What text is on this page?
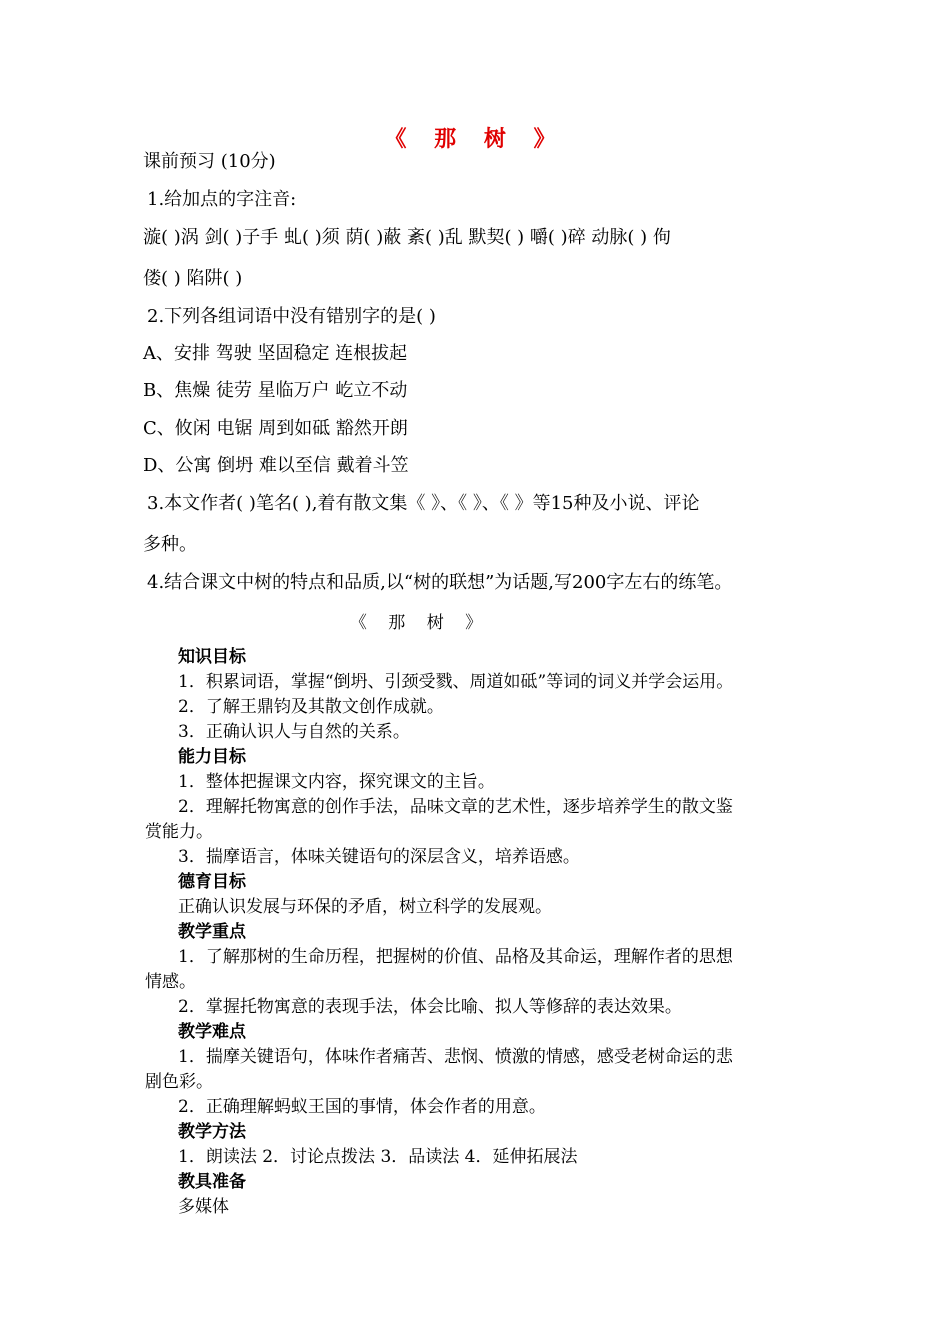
《 那 树 》
课前预习 (10分)
1.给加点的字注音:
漩( )涡 剑( )子手 虬( )须 荫( )蔽 紊( )乱 默契( ) 嚼( )碎 动脉( ) 佝
偻( ) 陷阱( )
2.下列各组词语中没有错别字的是( )
A、安排 驾驶 坚固稳定 连根拔起
B、焦燥 徒劳 星临万户 屹立不动
C、攸闲 电锯 周到如砥 豁然开朗
D、公寓 倒坍 难以至信 戴着斗笠
3.本文作者( )笔名( ),着有散文集《 》、《 》、《 》等15种及小说、评论
多种。
4.结合课文中树的特点和品质,以“树的联想”为话题,写200字左右的练笔。
《 那 树 》
知识目标
1．积累词语，掌握“倒坍、引颈受戮、周道如砥”等词的词义并学会运用。
2．了解王鼎钧及其散文创作成就。
3．正确认识人与自然的关系。
能力目标
1．整体把握课文内容，探究课文的主旨。
2．理解托物寓意的创作手法，品味文章的艺术性，逐步培养学生的散文鉴
赏能力。
3．揣摩语言，体味关键语句的深层含义，培养语感。
德育目标
正确认识发展与环保的矛盾，树立科学的发展观。
教学重点
1．了解那树的生命历程，把握树的价值、品格及其命运，理解作者的思想
情感。
2．掌握托物寓意的表现手法，体会比喻、拟人等修辞的表达效果。
教学难点
1．揣摩关键语句，体味作者痛苦、悲悯、愤激的情感，感受老树命运的悲
剧色彩。
2．正确理解蚂蚁王国的事情，体会作者的用意。
教学方法
1．朗读法 2．讨论点拨法 3．品读法 4．延伸拓展法
教具准备
多媒体
